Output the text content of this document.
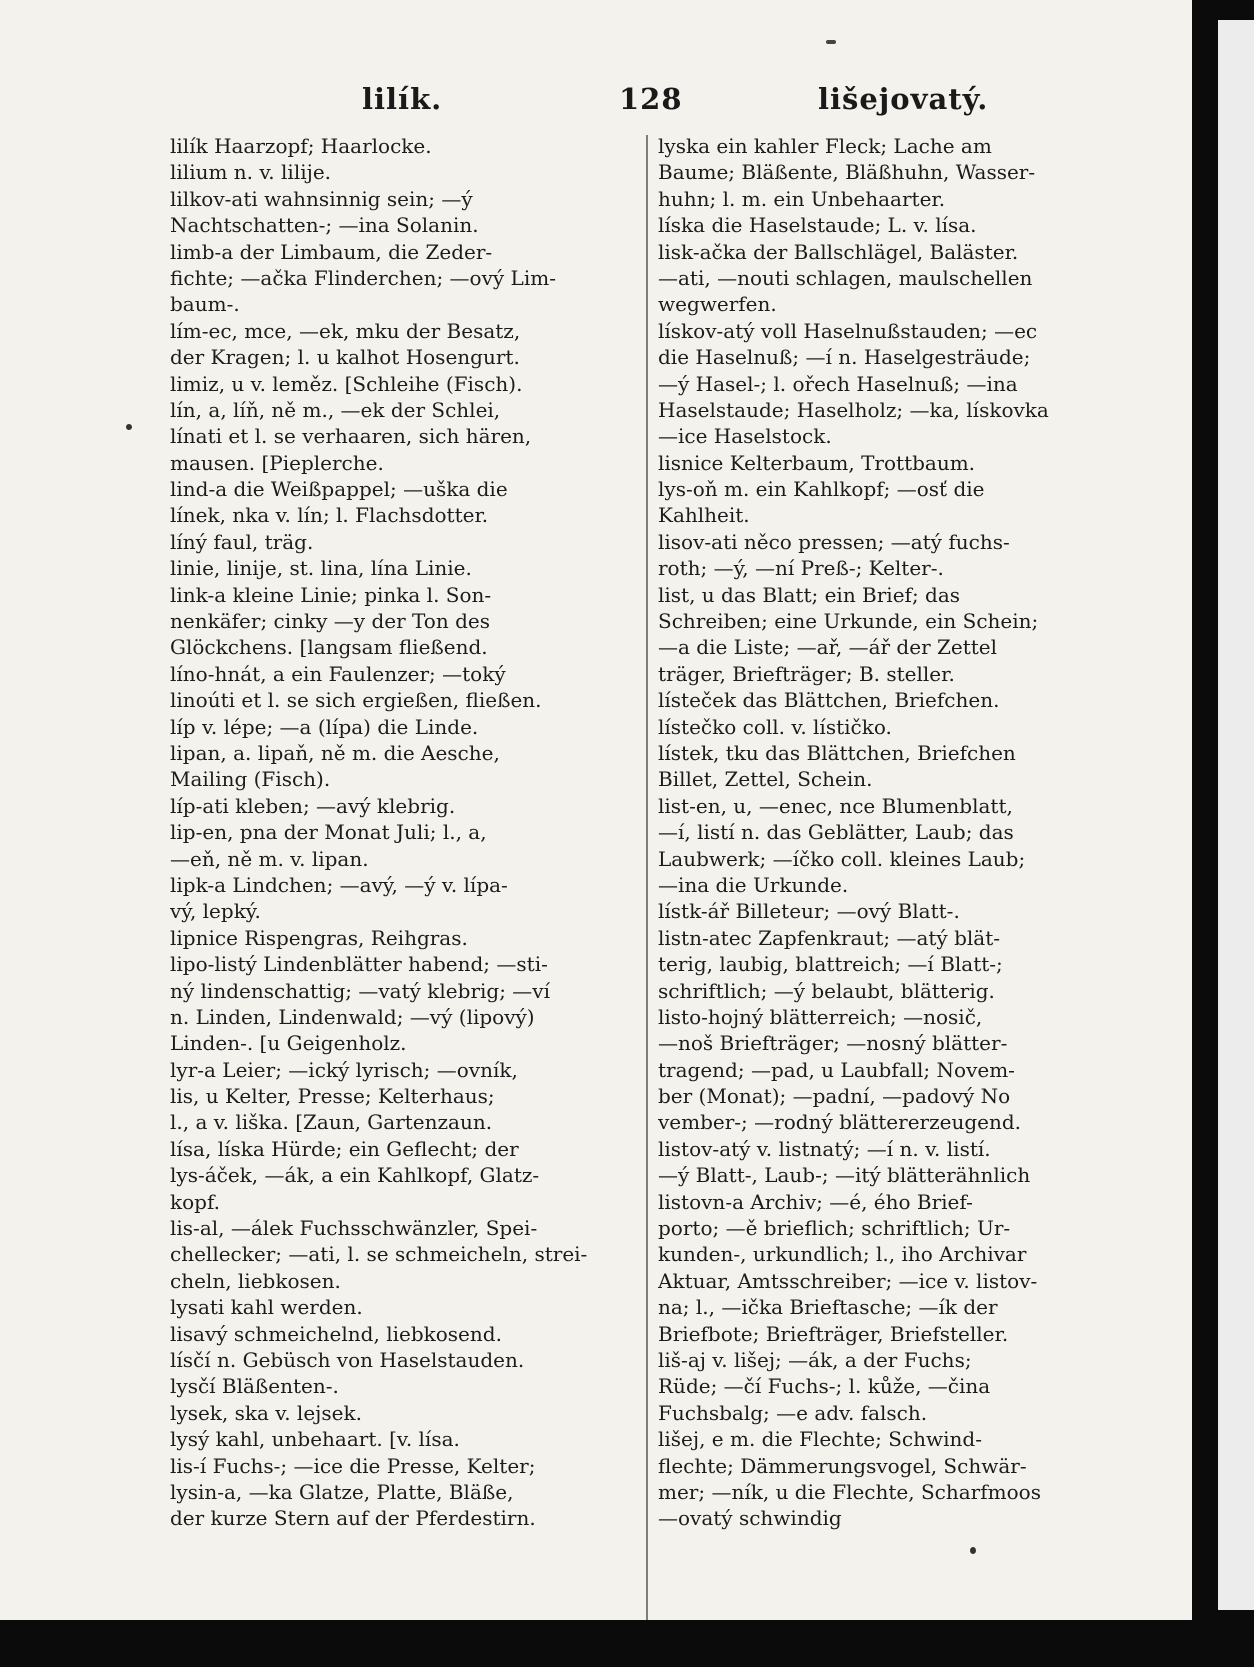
lilík.	128	lišejovatý.
lilík Haarzopf; Haarlocke.
lilium n. v. lilije.
lilkov-ati wahnsinnig sein; —ý
Nachtschatten-; —ina Solanin.
limb-a der Limbaum, die Zeder-
fichte; —ačka Flinderchen; —ový Lim-
baum-.
lím-ec, mce, —ek, mku der Besatz,
der Kragen; l. u kalhot Hosengurt.
limiz, u v. leměz. [Schleihe (Fisch).
lín, a, líň, ně m., —ek der Schlei,
línati et l. se verhaaren, sich hären,
mausen. [Pieplerche.
lind-a die Weißpappel; —uška die
línek, nka v. lín; l. Flachsdotter.
líný faul, träg.
linie, linije, st. lina, lína Linie.
link-a kleine Linie; pinka l. Son-
nenkäfer; cinky —y der Ton des
Glöckchens. [langsam fließend.
líno-hnát, a ein Faulenzer; —toký
linoúti et l. se sich ergießen, fließen.
líp v. lépe; —a (lípa) die Linde.
lipan, a. lipaň, ně m. die Aesche,
Mailing (Fisch).
líp-ati kleben; —avý klebrig.
lip-en, pna der Monat Juli; l., a,
—eň, ně m. v. lipan.
lipk-a Lindchen; —avý, —ý v. lípa-
vý, lepký.
lipnice Rispengras, Reihgras.
lipo-listý Lindenblätter habend; —sti-
ný lindenschattig; —vatý klebrig; —ví
n. Linden, Lindenwald; —vý (lipový)
Linden-. [u Geigenholz.
lyr-a Leier; —ický lyrisch; —ovník,
lis, u Kelter, Presse; Kelterhaus;
l., a v. liška. [Zaun, Gartenzaun.
lísa, líska Hürde; ein Geflecht; der
lys-áček, —ák, a ein Kahlkopf, Glatz-
kopf.
lis-al, —álek Fuchsschwänzler, Spei-
chellecker; —ati, l. se schmeicheln, strei-
cheln, liebkosen.
lysati kahl werden.
lisavý schmeichelnd, liebkosend.
lísčí n. Gebüsch von Haselstauden.
lysčí Bläßenten-.
lysek, ska v. lejsek.
lysý kahl, unbehaart. [v. lísa.
lis-í Fuchs-; —ice die Presse, Kelter;
lysin-a, —ka Glatze, Platte, Bläße,
der kurze Stern auf der Pferdestirn.
lyska ein kahler Fleck; Lache am
Baume; Bläßente, Bläßhuhn, Wasser-
huhn; l. m. ein Unbehaarter.
líska die Haselstaude; L. v. lísa.
lisk-ačka der Ballschlägel, Baläster.
—ati, —nouti schlagen, maulschellen
wegwerfen.
lískov-atý voll Haselnußstauden; —ec
die Haselnuß; —í n. Haselgesträude;
—ý Hasel-; l. ořech Haselnuß; —ina
Haselstaude; Haselholz; —ka, lískovka
—ice Haselstock.
lisnice Kelterbaum, Trottbaum.
lys-oň m. ein Kahlkopf; —osť die
Kahlheit.
lisov-ati něco pressen; —atý fuchs-
roth; —ý, —ní Preß-; Kelter-.
list, u das Blatt; ein Brief; das
Schreiben; eine Urkunde, ein Schein;
—a die Liste; —ař, —ář der Zettel
träger, Briefträger; B. steller.
lísteček das Blättchen, Briefchen.
lístečko coll. v. lístičko.
lístek, tku das Blättchen, Briefchen
Billet, Zettel, Schein.
list-en, u, —enec, nce Blumenblatt,
—í, listí n. das Geblätter, Laub; das
Laubwerk; —íčko coll. kleines Laub;
—ina die Urkunde.
lístk-ář Billeteur; —ový Blatt-.
listn-atec Zapfenkraut; —atý blät-
terig, laubig, blattreich; —í Blatt-;
schriftlich; —ý belaubt, blätterig.
listo-hojný blätterreich; —nosič,
—noš Briefträger; —nosný blätter-
tragend; —pad, u Laubfall; Novem-
ber (Monat); —padní, —padový No
vember-; —rodný blättererzeugend.
listov-atý v. listnatý; —í n. v. listí.
—ý Blatt-, Laub-; —itý blätterähnlich
listovn-a Archiv; —é, ého Brief-
porto; —ě brieflich; schriftlich; Ur-
kunden-, urkundlich; l., iho Archivar
Aktuar, Amtsschreiber; —ice v. listov-
na; l., —ička Brieftasche; —ík der
Briefbote; Briefträger, Briefsteller.
liš-aj v. lišej; —ák, a der Fuchs;
Rüde; —čí Fuchs-; l. kůže, —čina
Fuchsbalg; —e adv. falsch.
lišej, e m. die Flechte; Schwind-
flechte; Dämmerungsvogel, Schwär-
mer; —ník, u die Flechte, Scharfmoos
—ovatý schwindig
